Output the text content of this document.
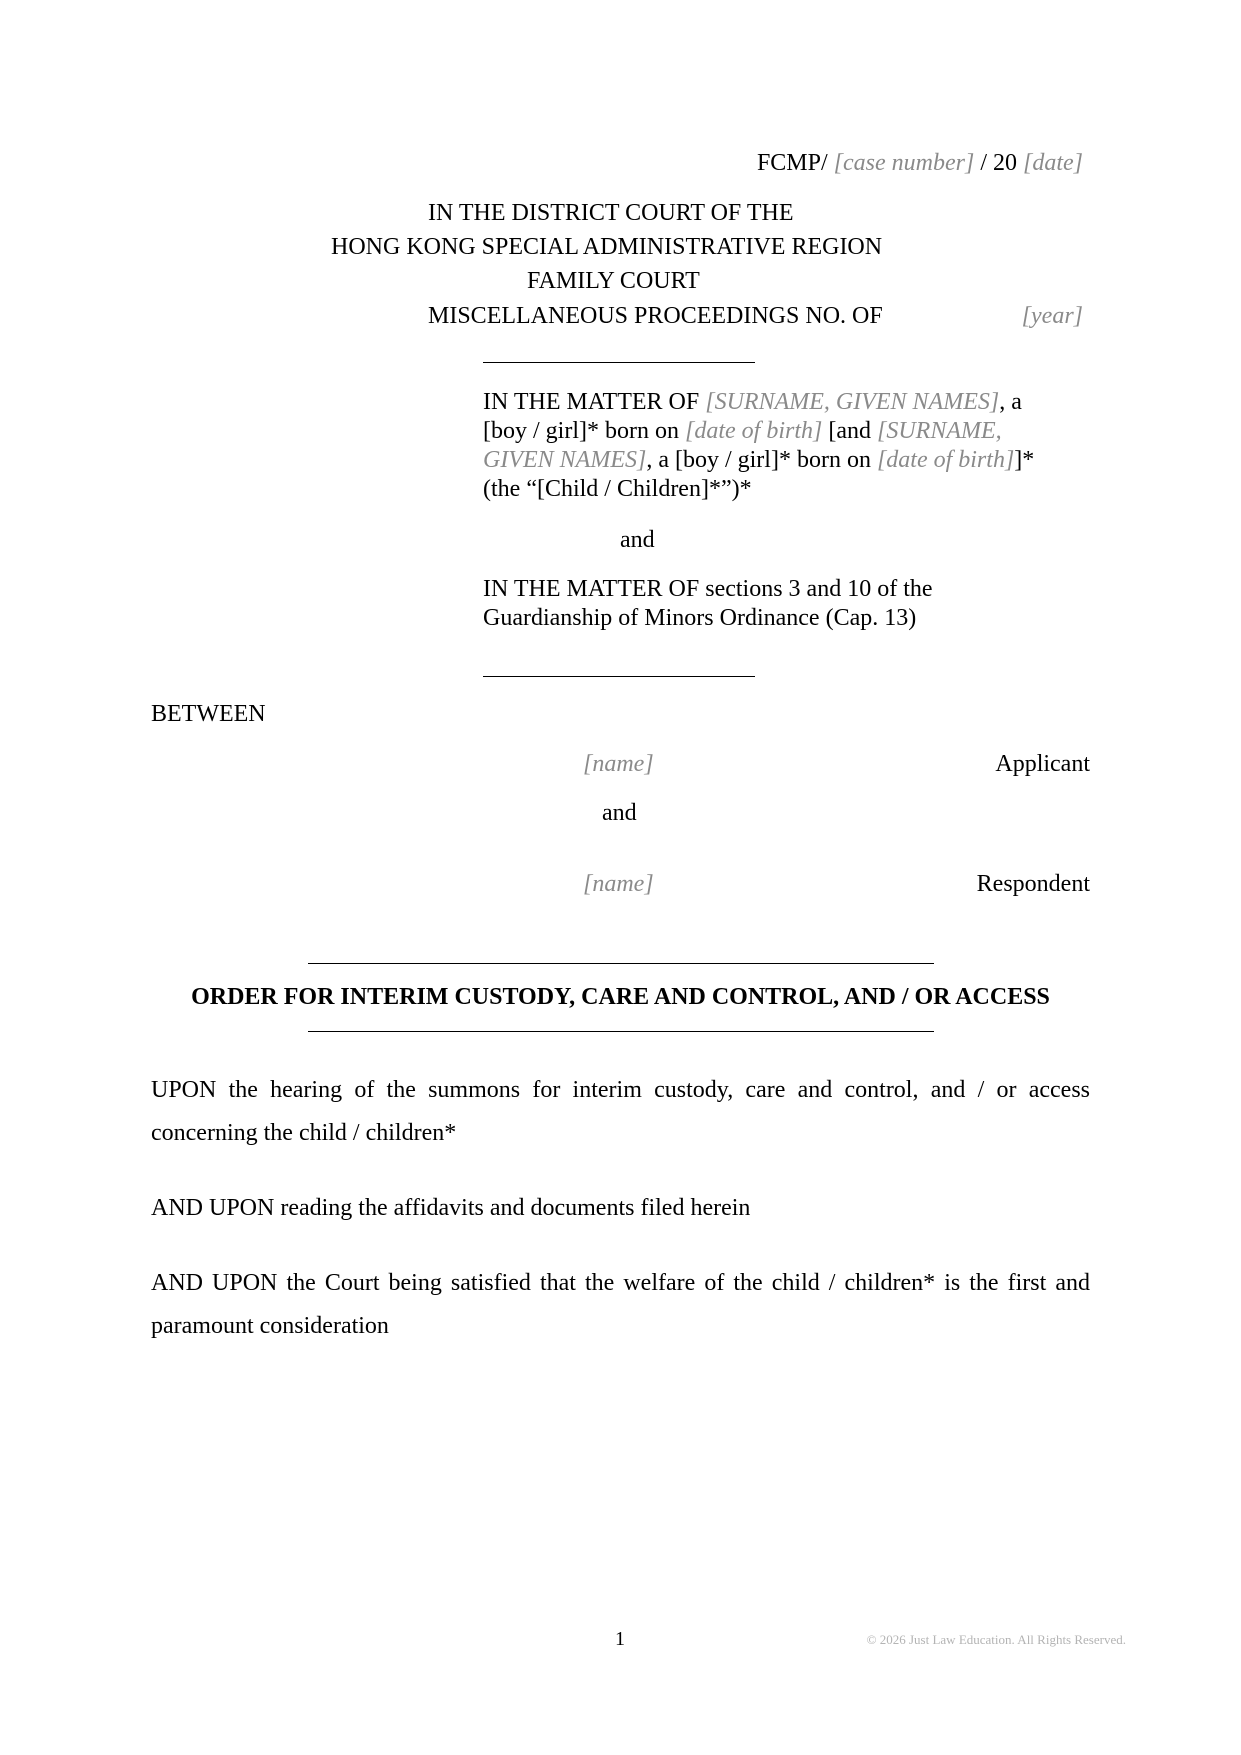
FCMP/ [case number] / 20 [date]
IN THE DISTRICT COURT OF THE
HONG KONG SPECIAL ADMINISTRATIVE REGION
FAMILY COURT
MISCELLANEOUS PROCEEDINGS NO. OF	[year]
IN THE MATTER OF [SURNAME, GIVEN NAMES], a [boy / girl]* born on [date of birth] [and [SURNAME, GIVEN NAMES], a [boy / girl]* born on [date of birth]]* (the “[Child / Children]*”)*
and
IN THE MATTER OF sections 3 and 10 of the Guardianship of Minors Ordinance (Cap. 13)
BETWEEN
[name]	Applicant
and
[name]	Respondent
ORDER FOR INTERIM CUSTODY, CARE AND CONTROL, AND / OR ACCESS
UPON the hearing of the summons for interim custody, care and control, and / or access concerning the child / children*
AND UPON reading the affidavits and documents filed herein
AND UPON the Court being satisfied that the welfare of the child / children* is the first and paramount consideration
1	© 2026 Just Law Education. All Rights Reserved.
